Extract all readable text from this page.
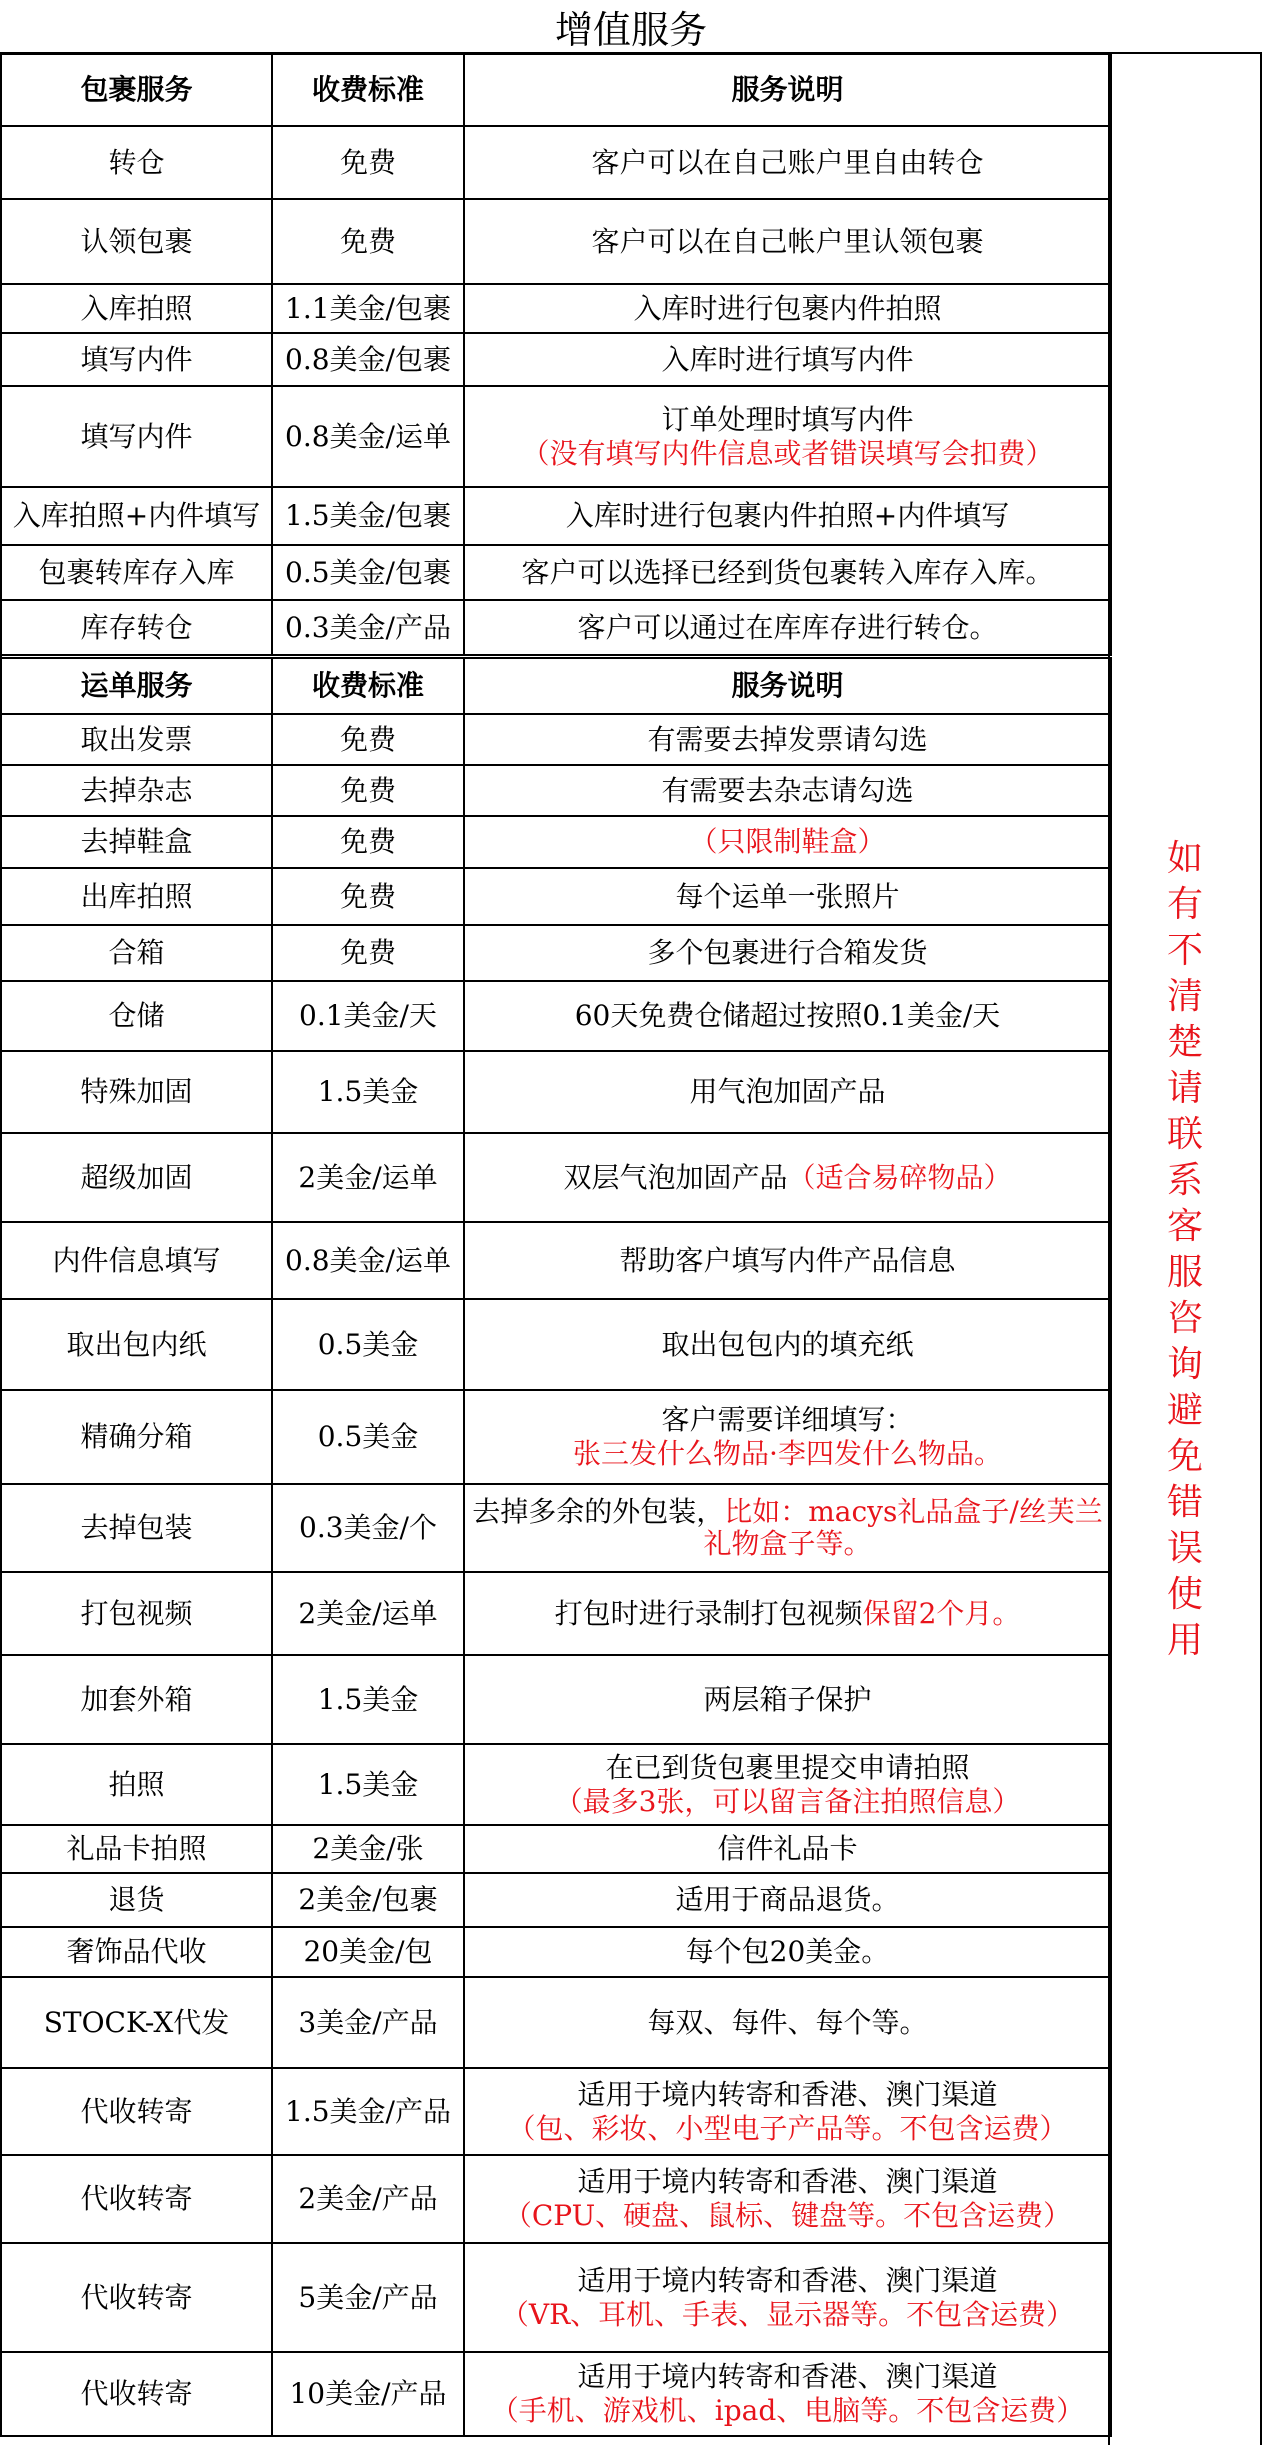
增值服务
包裹服务	收费标准	服务说明
转仓	免费	客户可以在自己账户里自由转仓
认领包裹	免费	客户可以在自己帐户里认领包裹
入库拍照	1.1美金/包裹	入库时进行包裹内件拍照
填写内件	0.8美金/包裹	入库时进行填写内件
填写内件	0.8美金/运单	订单处理时填写内件
（没有填写内件信息或者错误填写会扣费）
入库拍照+内件填写	1.5美金/包裹	入库时进行包裹内件拍照+内件填写
包裹转库存入库	0.5美金/包裹	客户可以选择已经到货包裹转入库存入库。
库存转仓	0.3美金/产品	客户可以通过在库库存进行转仓。
运单服务	收费标准	服务说明
取出发票	免费	有需要去掉发票请勾选
去掉杂志	免费	有需要去杂志请勾选
去掉鞋盒	免费	（只限制鞋盒）
出库拍照	免费	每个运单一张照片
合箱	免费	多个包裹进行合箱发货
仓储	0.1美金/天	60天免费仓储超过按照0.1美金/天
特殊加固	1.5美金	用气泡加固产品
超级加固	2美金/运单	双层气泡加固产品（适合易碎物品）
内件信息填写	0.8美金/运单	帮助客户填写内件产品信息
取出包内纸	0.5美金	取出包包内的填充纸
精确分箱	0.5美金	客户需要详细填写：
张三发什么物品·李四发什么物品。
去掉包装	0.3美金/个	去掉多余的外包装，比如：macys礼品盒子/丝芙兰礼物盒子等。
打包视频	2美金/运单	打包时进行录制打包视频保留2个月。
加套外箱	1.5美金	两层箱子保护
拍照	1.5美金	在已到货包裹里提交申请拍照
（最多3张，可以留言备注拍照信息）
礼品卡拍照	2美金/张	信件礼品卡
退货	2美金/包裹	适用于商品退货。
奢饰品代收	20美金/包	每个包20美金。
STOCK-X代发	3美金/产品	每双、每件、每个等。
代收转寄	1.5美金/产品	适用于境内转寄和香港、澳门渠道
（包、彩妆、小型电子产品等。不包含运费）
代收转寄	2美金/产品	适用于境内转寄和香港、澳门渠道
（CPU、硬盘、鼠标、键盘等。不包含运费）
代收转寄	5美金/产品	适用于境内转寄和香港、澳门渠道
（VR、耳机、手表、显示器等。不包含运费）
代收转寄	10美金/产品	适用于境内转寄和香港、澳门渠道
（手机、游戏机、ipad、电脑等。不包含运费）
如有不清楚请联系客服咨询避免错误使用
